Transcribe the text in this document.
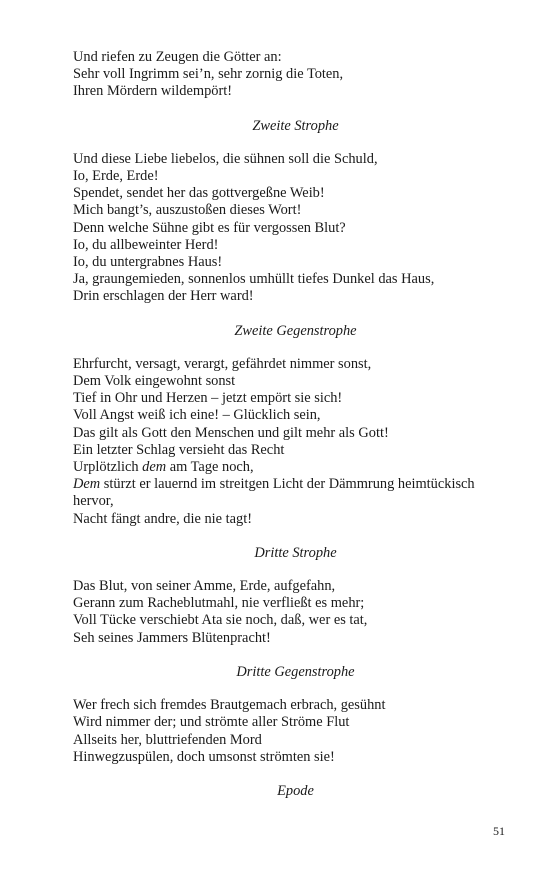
Und riefen zu Zeugen die Götter an:
Sehr voll Ingrimm sei’n, sehr zornig die Toten,
Ihren Mördern wildempört!
Zweite Strophe
Und diese Liebe liebelos, die sühnen soll die Schuld,
Io, Erde, Erde!
Spendet, sendet her das gottvergeßne Weib!
Mich bangt’s, auszustoßen dieses Wort!
Denn welche Sühne gibt es für vergossen Blut?
Io, du allbeweinter Herd!
Io, du untergrabnes Haus!
Ja, graungemieden, sonnenlos umhüllt tiefes Dunkel das Haus,
Drin erschlagen der Herr ward!
Zweite Gegenstrophe
Ehrfurcht, versagt, verargt, gefährdet nimmer sonst,
Dem Volk eingewohnt sonst
Tief in Ohr und Herzen – jetzt empört sie sich!
Voll Angst weiß ich eine! – Glücklich sein,
Das gilt als Gott den Menschen und gilt mehr als Gott!
Ein letzter Schlag versieht das Recht
Urplötzlich dem am Tage noch,
Dem stürzt er lauernd im streitgen Licht der Dämmrung heimtückisch
hervor,
Nacht fängt andre, die nie tagt!
Dritte Strophe
Das Blut, von seiner Amme, Erde, aufgefahn,
Gerann zum Racheblutmahl, nie verfließt es mehr;
Voll Tücke verschiebt Ata sie noch, daß, wer es tat,
Seh seines Jammers Blütenpracht!
Dritte Gegenstrophe
Wer frech sich fremdes Brautgemach erbrach, gesühnt
Wird nimmer der; und strömte aller Ströme Flut
Allseits her, bluttriefenden Mord
Hinwegzuspülen, doch umsonst strömten sie!
Epode
51
